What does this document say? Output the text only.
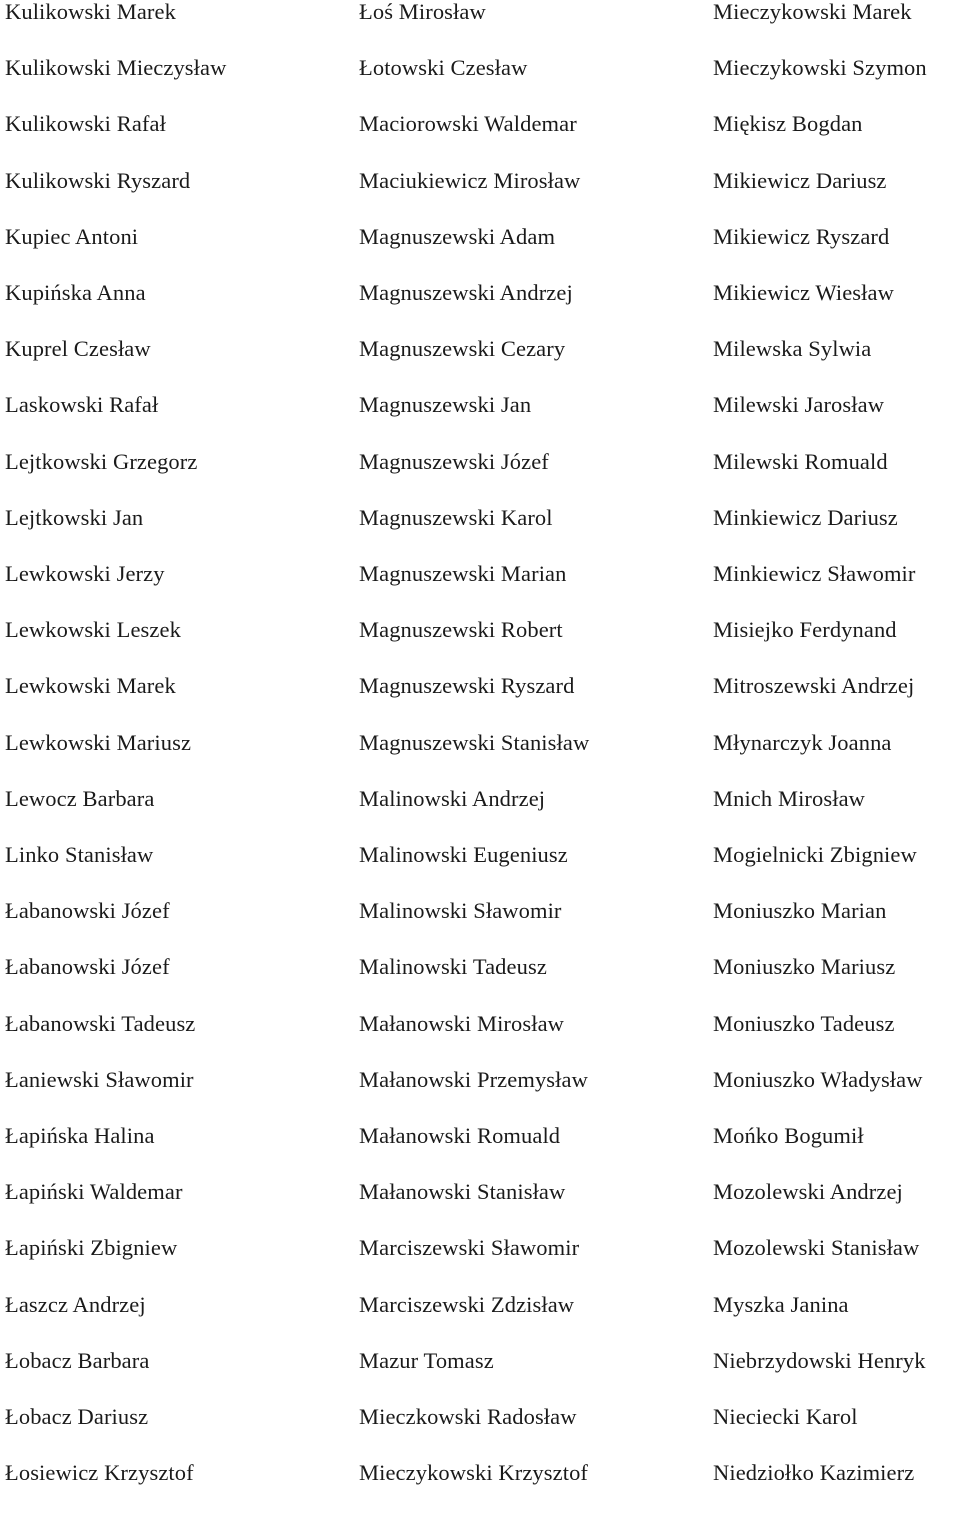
Kulikowski Marek	Łoś Mirosław	Mieczykowski Marek
Kulikowski Mieczysław	Łotowski Czesław	Mieczykowski Szymon
Kulikowski Rafał	Maciorowski Waldemar	Miękisz Bogdan
Kulikowski Ryszard	Maciukiewicz Mirosław	Mikiewicz Dariusz
Kupiec Antoni	Magnuszewski Adam	Mikiewicz Ryszard
Kupińska Anna	Magnuszewski Andrzej	Mikiewicz Wiesław
Kuprel Czesław	Magnuszewski Cezary	Milewska Sylwia
Laskowski Rafał	Magnuszewski Jan	Milewski Jarosław
Lejtkowski Grzegorz	Magnuszewski Józef	Milewski Romuald
Lejtkowski Jan	Magnuszewski Karol	Minkiewicz Dariusz
Lewkowski Jerzy	Magnuszewski Marian	Minkiewicz Sławomir
Lewkowski Leszek	Magnuszewski Robert	Misiejko Ferdynand
Lewkowski Marek	Magnuszewski Ryszard	Mitroszewski Andrzej
Lewkowski Mariusz	Magnuszewski Stanisław	Młynarczyk Joanna
Lewocz Barbara	Malinowski Andrzej	Mnich Mirosław
Linko Stanisław	Malinowski Eugeniusz	Mogielnicki Zbigniew
Łabanowski Józef	Malinowski Sławomir	Moniuszko Marian
Łabanowski Józef	Malinowski Tadeusz	Moniuszko Mariusz
Łabanowski Tadeusz	Małanowski Mirosław	Moniuszko Tadeusz
Łaniewski Sławomir	Małanowski Przemysław	Moniuszko Władysław
Łapińska Halina	Małanowski Romuald	Mońko Bogumił
Łapiński Waldemar	Małanowski Stanisław	Mozolewski Andrzej
Łapiński Zbigniew	Marciszewski Sławomir	Mozolewski Stanisław
Łaszcz Andrzej	Marciszewski Zdzisław	Myszka Janina
Łobacz Barbara	Mazur Tomasz	Niebrzydowski Henryk
Łobacz Dariusz	Mieczkowski Radosław	Nieciecki Karol
Łosiewicz Krzysztof	Mieczykowski Krzysztof	Niedziołko Kazimierz
